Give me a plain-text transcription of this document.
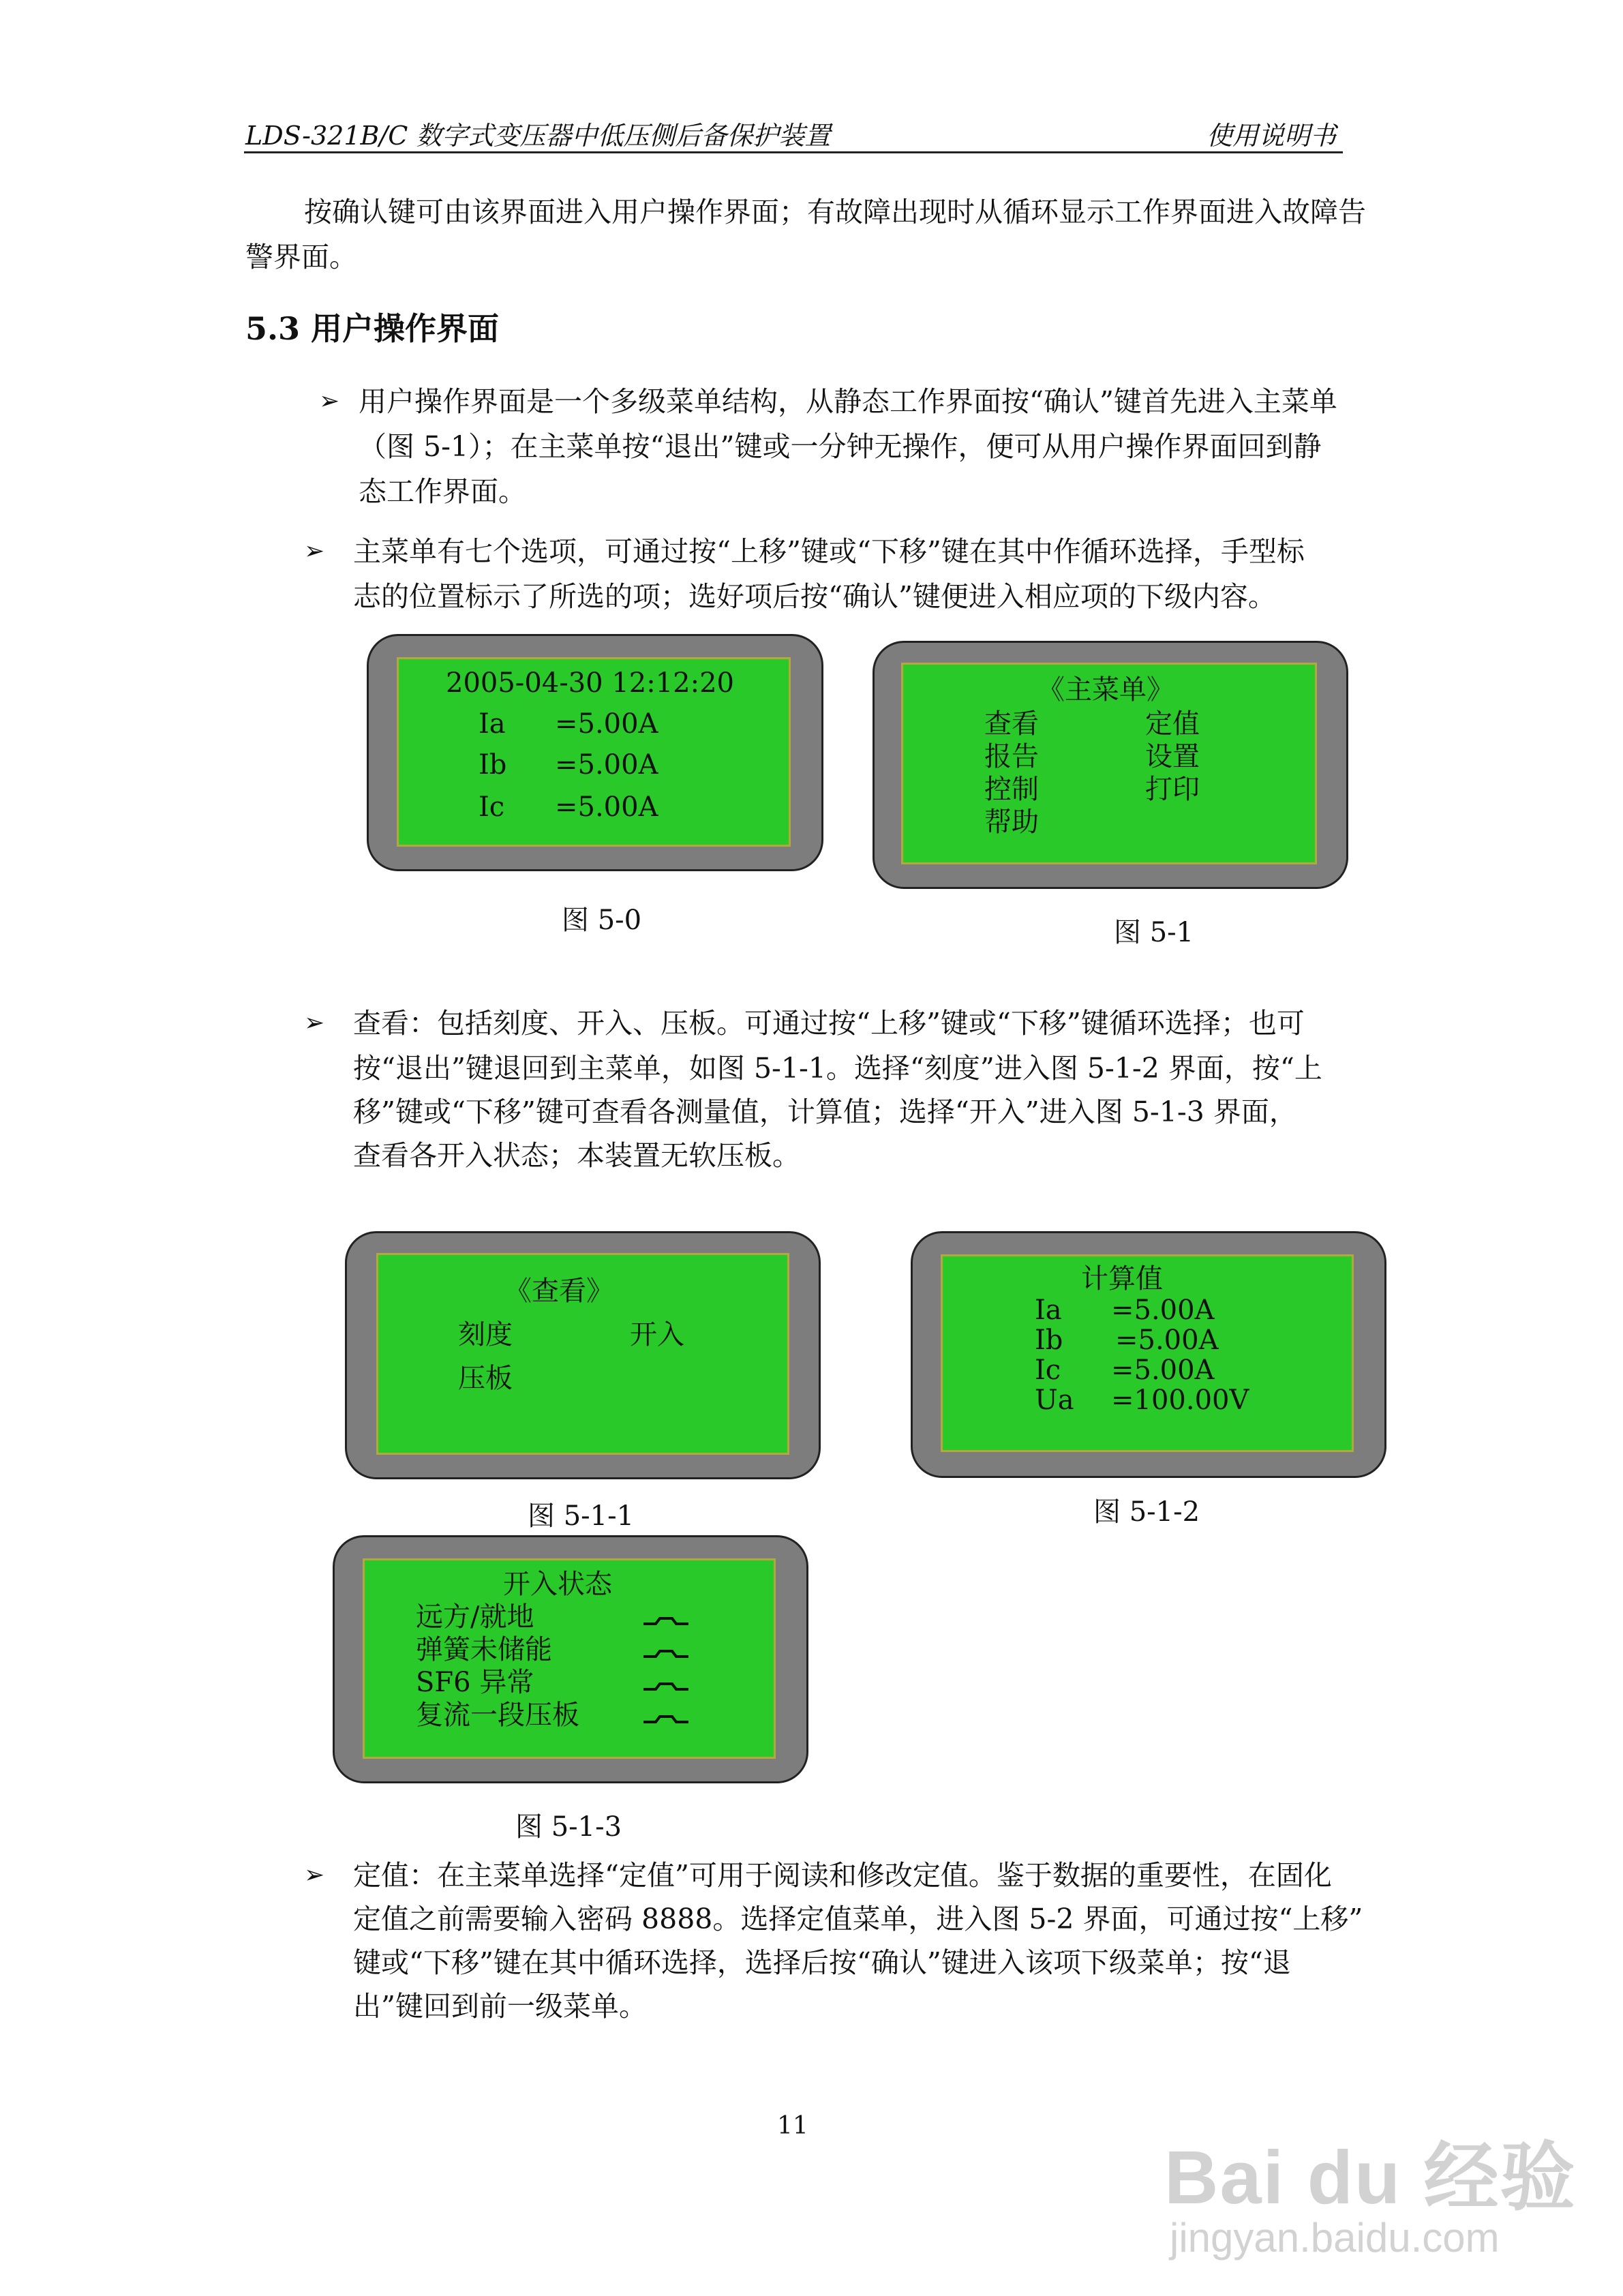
LDS-321B/C 数字式变压器中低压侧后备保护装置	使用说明书
按确认键可由该界面进入用户操作界面；有故障出现时从循环显示工作界面进入故障告
警界面。
5.3 用户操作界面
➢ 用户操作界面是一个多级菜单结构，从静态工作界面按“确认”键首先进入主菜单
（图 5-1）；在主菜单按“退出”键或一分钟无操作，便可从用户操作界面回到静
态工作界面。
➢ 主菜单有七个选项，可通过按“上移”键或“下移”键在其中作循环选择，手型标
志的位置标示了所选的项；选好项后按“确认”键便进入相应项的下级内容。
2005-04-30 12:12:20
Ia =5.00A
Ib =5.00A
Ic =5.00A
图 5-0
《主菜单》
查看	定值
报告	设置
控制	打印
帮助
图 5-1
➢ 查看：包括刻度、开入、压板。可通过按“上移”键或“下移”键循环选择；也可
按“退出”键退回到主菜单，如图 5-1-1。选择“刻度”进入图 5-1-2 界面，按“上
移”键或“下移”键可查看各测量值，计算值；选择“开入”进入图 5-1-3 界面，
查看各开入状态；本装置无软压板。
《查看》
刻度	开入
压板
图 5-1-1
计算值
Ia =5.00A
Ib =5.00A
Ic =5.00A
Ua =100.00V
图 5-1-2
开入状态
远方/就地
弹簧未储能
SF6 异常
复流一段压板
图 5-1-3
➢ 定值：在主菜单选择“定值”可用于阅读和修改定值。鉴于数据的重要性，在固化
定值之前需要输入密码 8888。选择定值菜单，进入图 5-2 界面，可通过按“上移”
键或“下移”键在其中循环选择，选择后按“确认”键进入该项下级菜单；按“退
出”键回到前一级菜单。
11
Bai du 经验
jingyan.baidu.com
